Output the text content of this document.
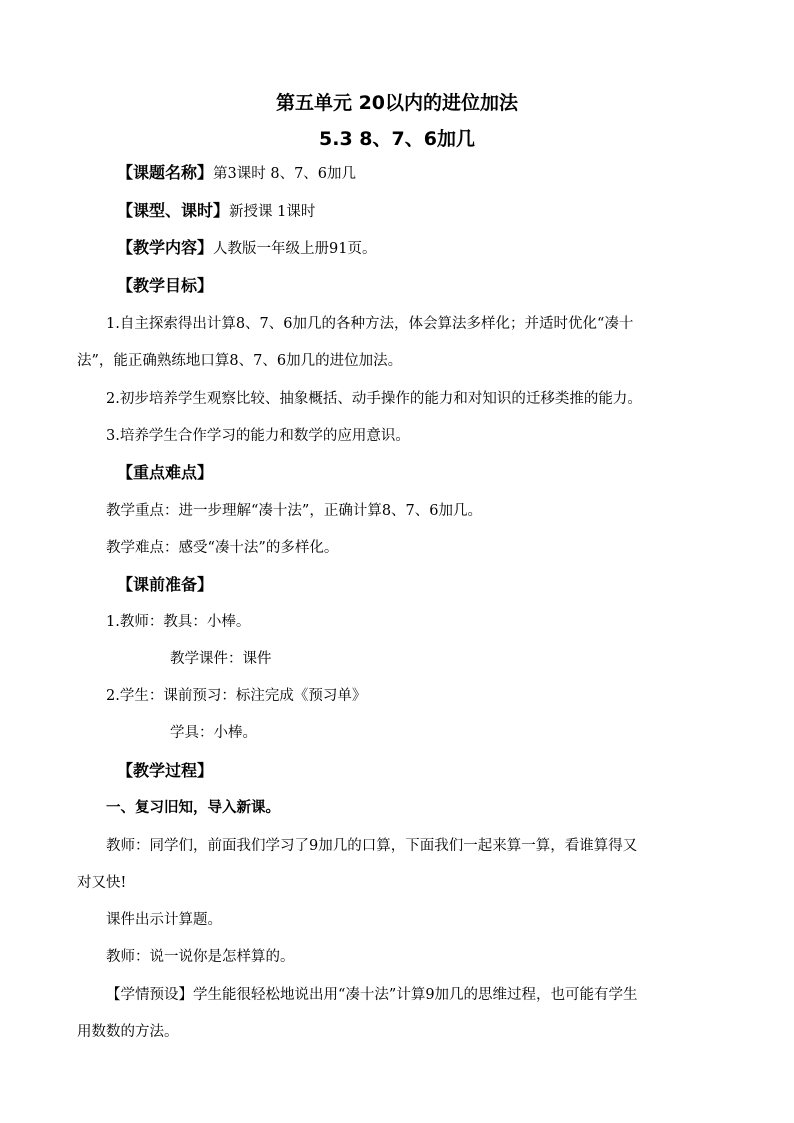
第五单元 20以内的进位加法
5.3 8、7、6加几
【课题名称】第3课时 8、7、6加几
【课型、课时】新授课 1课时
【教学内容】人教版一年级上册91页。
【教学目标】
1.自主探索得出计算8、7、6加几的各种方法，体会算法多样化；并适时优化“凑十
法”，能正确熟练地口算8、7、6加几的进位加法。
2.初步培养学生观察比较、抽象概括、动手操作的能力和对知识的迁移类推的能力。
3.培养学生合作学习的能力和数学的应用意识。
【重点难点】
教学重点：进一步理解“凑十法”，正确计算8、7、6加几。
教学难点：感受“凑十法”的多样化。
【课前准备】
1.教师：教具：小棒。
教学课件：课件
2.学生：课前预习：标注完成《预习单》
学具：小棒。
【教学过程】
一、复习旧知，导入新课。
教师：同学们，前面我们学习了9加几的口算，下面我们一起来算一算，看谁算得又
对又快!
课件出示计算题。
教师：说一说你是怎样算的。
【学情预设】学生能很轻松地说出用“凑十法”计算9加几的思维过程，也可能有学生
用数数的方法。
